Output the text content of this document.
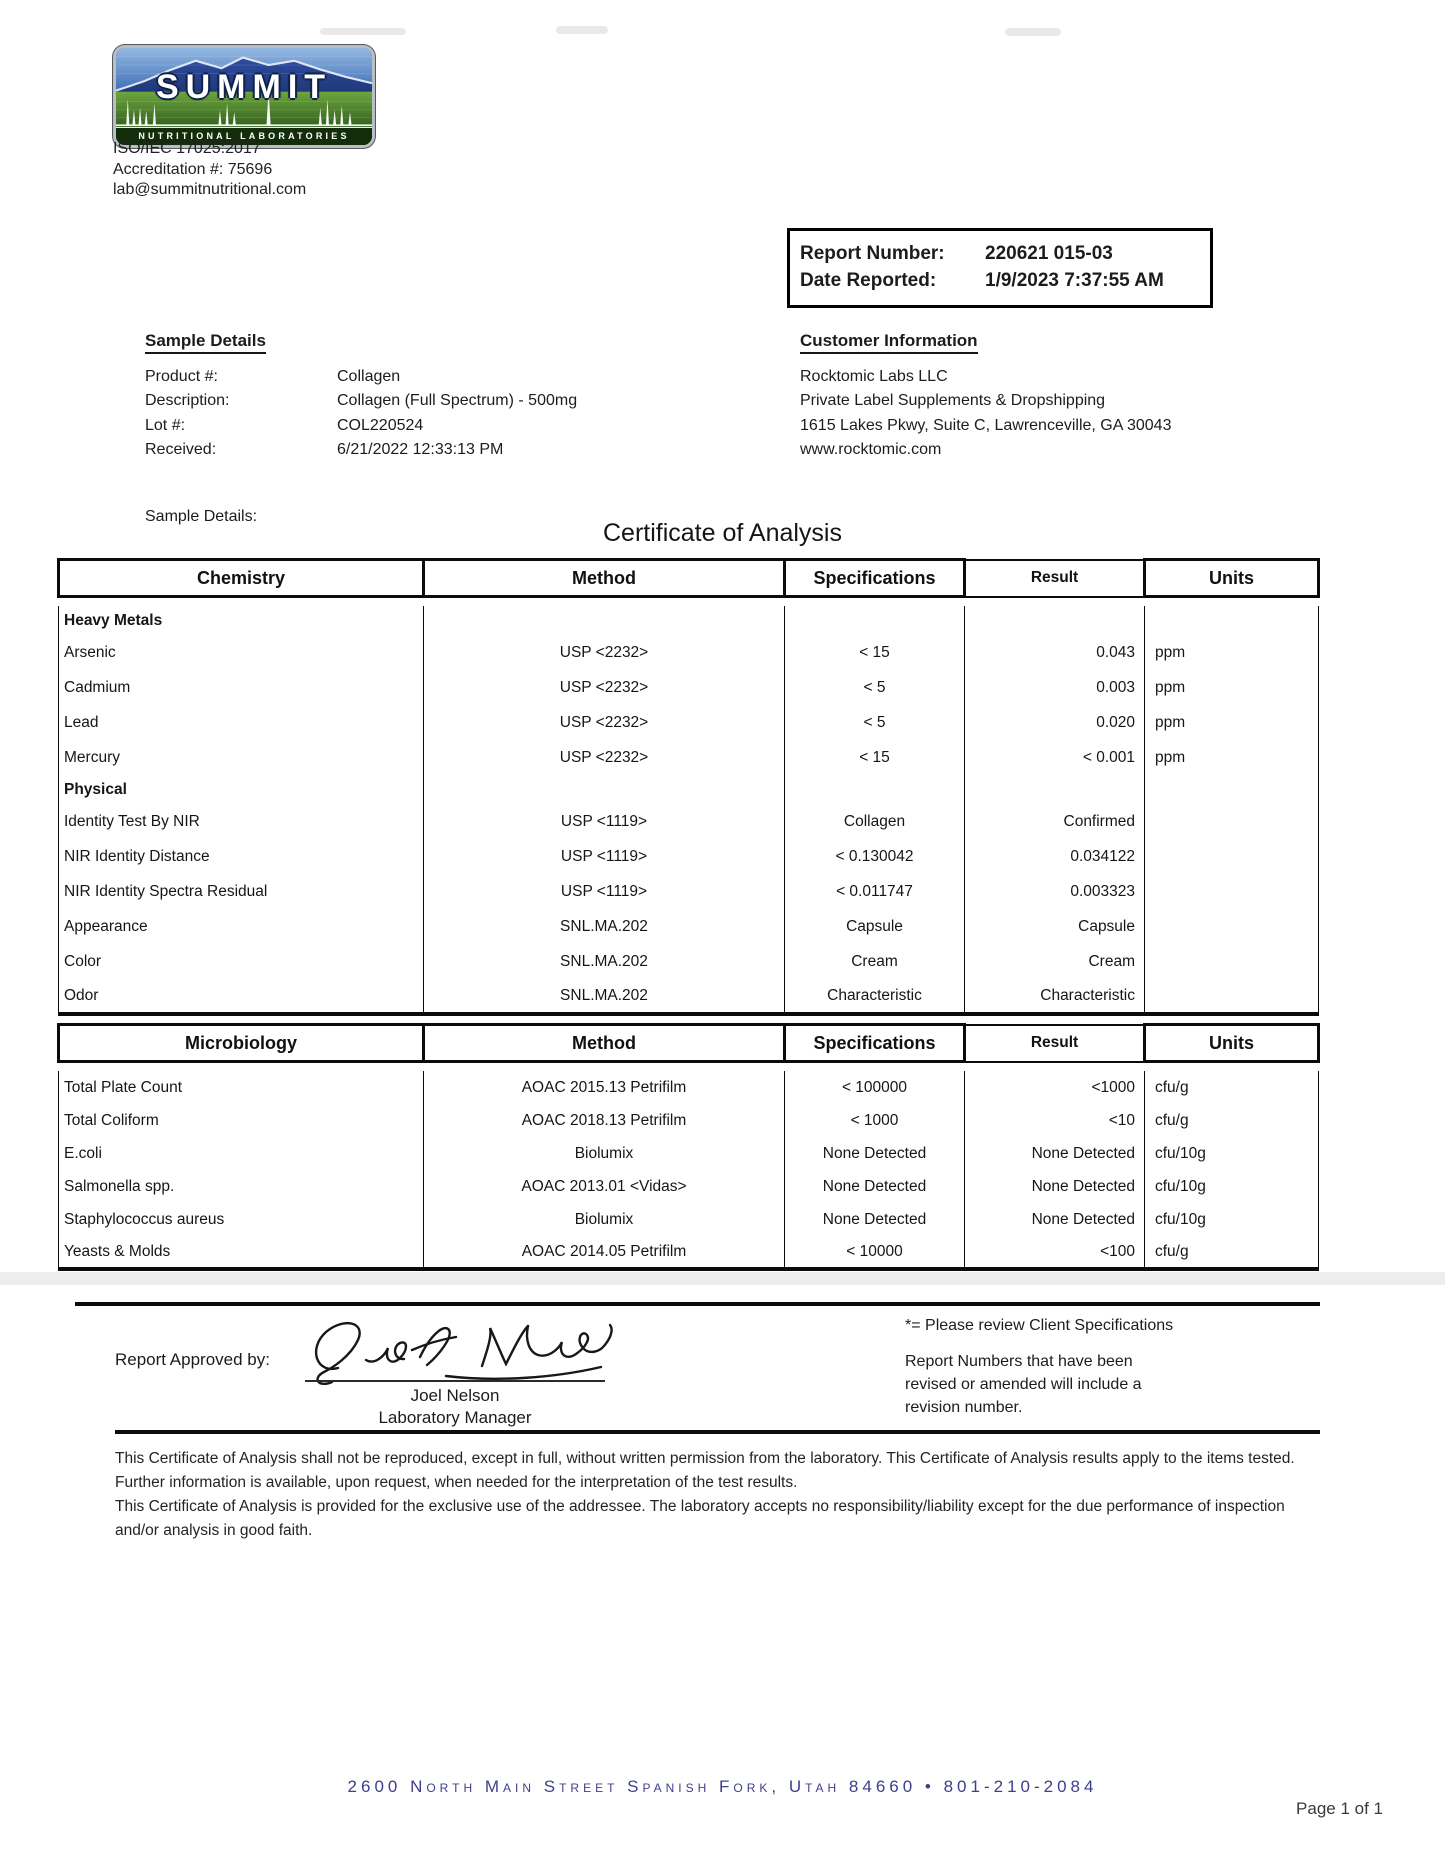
SUMMIT
NUTRITIONAL LABORATORIES
ISO/IEC 17025:2017
Accreditation #: 75696
lab@summitnutritional.com
Report Number:	220621 015-03
Date Reported:	1/9/2023 7:37:55 AM
Sample Details
Product #:	Collagen
Description:	Collagen (Full Spectrum) - 500mg
Lot #:	COL220524
Received:	6/21/2022 12:33:13 PM
Sample Details:
Customer Information
Rocktomic Labs LLC
Private Label Supplements & Dropshipping
1615 Lakes Pkwy, Suite C, Lawrenceville, GA 30043
www.rocktomic.com
Certificate of Analysis
Chemistry	Method	Specifications	Result	Units

Heavy Metals				
Arsenic	USP <2232>	< 15	0.043	ppm
Cadmium	USP <2232>	< 5	0.003	ppm
Lead	USP <2232>	< 5	0.020	ppm
Mercury	USP <2232>	< 15	< 0.001	ppm
Physical				
Identity Test By NIR	USP <1119>	Collagen	Confirmed	
NIR Identity Distance	USP <1119>	< 0.130042	0.034122	
NIR Identity Spectra Residual	USP <1119>	< 0.011747	0.003323	
Appearance	SNL.MA.202	Capsule	Capsule	
Color	SNL.MA.202	Cream	Cream	
Odor	SNL.MA.202	Characteristic	Characteristic	
Microbiology	Method	Specifications	Result	Units

Total Plate Count	AOAC 2015.13 Petrifilm	< 100000	<1000	cfu/g
Total Coliform	AOAC 2018.13 Petrifilm	< 1000	<10	cfu/g
E.coli	Biolumix	None Detected	None Detected	cfu/10g
Salmonella spp.	AOAC 2013.01 <Vidas>	None Detected	None Detected	cfu/10g
Staphylococcus aureus	Biolumix	None Detected	None Detected	cfu/10g
Yeasts & Molds	AOAC 2014.05 Petrifilm	< 10000	<100	cfu/g
Report Approved by:
Joel Nelson
Laboratory Manager
*= Please review Client Specifications
Report Numbers that have been revised or amended will include a revision number.

This Certificate of Analysis shall not be reproduced, except in full, without written permission from the laboratory. This Certificate of Analysis results apply to the items tested. Further information is available, upon request, when needed for the interpretation of the test results.

This Certificate of Analysis is provided for the exclusive use of the addressee. The laboratory accepts no responsibility/liability except for the due performance of inspection and/or analysis in good faith.

2600 North Main Street Spanish Fork, Utah 84660 • 801-210-2084
Page 1 of 1
